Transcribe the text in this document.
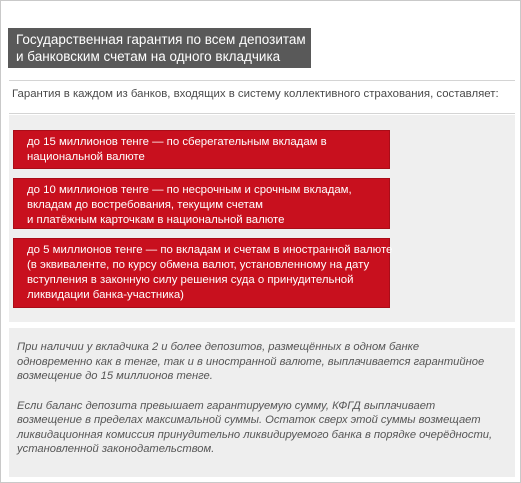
Государственная гарантия по всем депозитам
и банковским счетам на одного вкладчика
Гарантия в каждом из банков, входящих в систему коллективного страхования, составляет:
до 15 миллионов тенге — по сберегательным вкладам в
национальной валюте
до 10 миллионов тенге — по несрочным и срочным вкладам,
вкладам до востребования, текущим счетам
и платёжным карточкам в национальной валюте
до 5 миллионов тенге — по вкладам и счетам в иностранной валюте
(в эквиваленте, по курсу обмена валют, установленному на дату
вступления в законную силу решения суда о принудительной
ликвидации банка-участника)
При наличии у вкладчика 2 и более депозитов, размещённых в одном банке
одновременно как в тенге, так и в иностранной валюте, выплачивается гарантийное
возмещение до 15 миллионов тенге.
Если баланс депозита превышает гарантируемую сумму, КФГД выплачивает
возмещение в пределах максимальной суммы. Остаток сверх этой суммы возмещает
ликвидационная комиссия принудительно ликвидируемого банка в порядке очерёдности,
установленной законодательством.
